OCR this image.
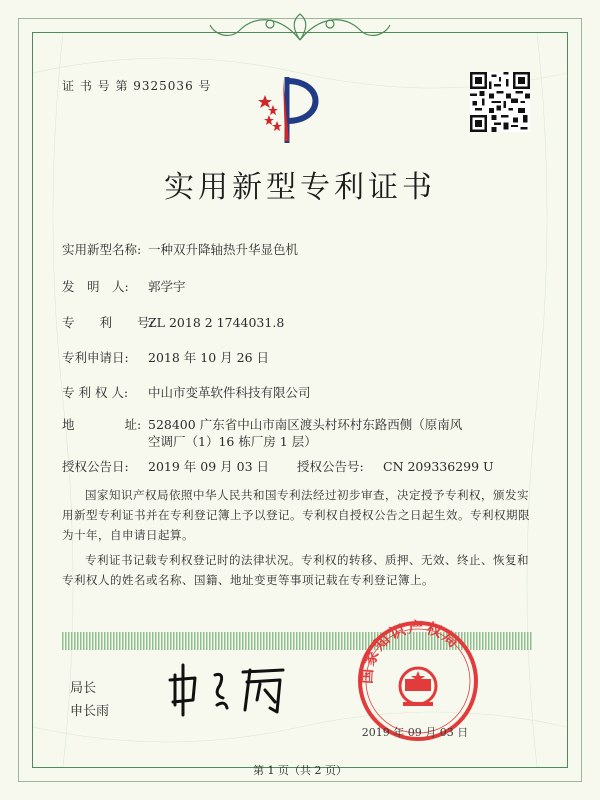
证 书 号 第 9325036 号
实用新型专利证书
实用新型名称: 一种双升降轴热升华显色机
发　明　人: 郭学宇
专　　利　　号:ZL 2018 2 1744031.8
专利申请日: 2018 年 10 月 26 日
专 利 权 人: 中山市变革软件科技有限公司
地　　　　址: 528400 广东省中山市南区渡头村环村东路西侧（原南风
空调厂（1）16 栋厂房 1 层）
授权公告日: 2019 年 09 月 03 日 授权公告号: CN 209336299 U
国家知识产权局依照中华人民共和国专利法经过初步审查，决定授予专利权，颁发实用新型专利证书并在专利登记簿上予以登记。专利权自授权公告之日起生效。专利权期限为十年，自申请日起算。
专利证书记载专利权登记时的法律状况。专利权的转移、质押、无效、终止、恢复和专利权人的姓名或名称、国籍、地址变更等事项记载在专利登记簿上。
局长
申长雨
国家知识产权局
2019 年 09 月 03 日
第 1 页（共 2 页）
